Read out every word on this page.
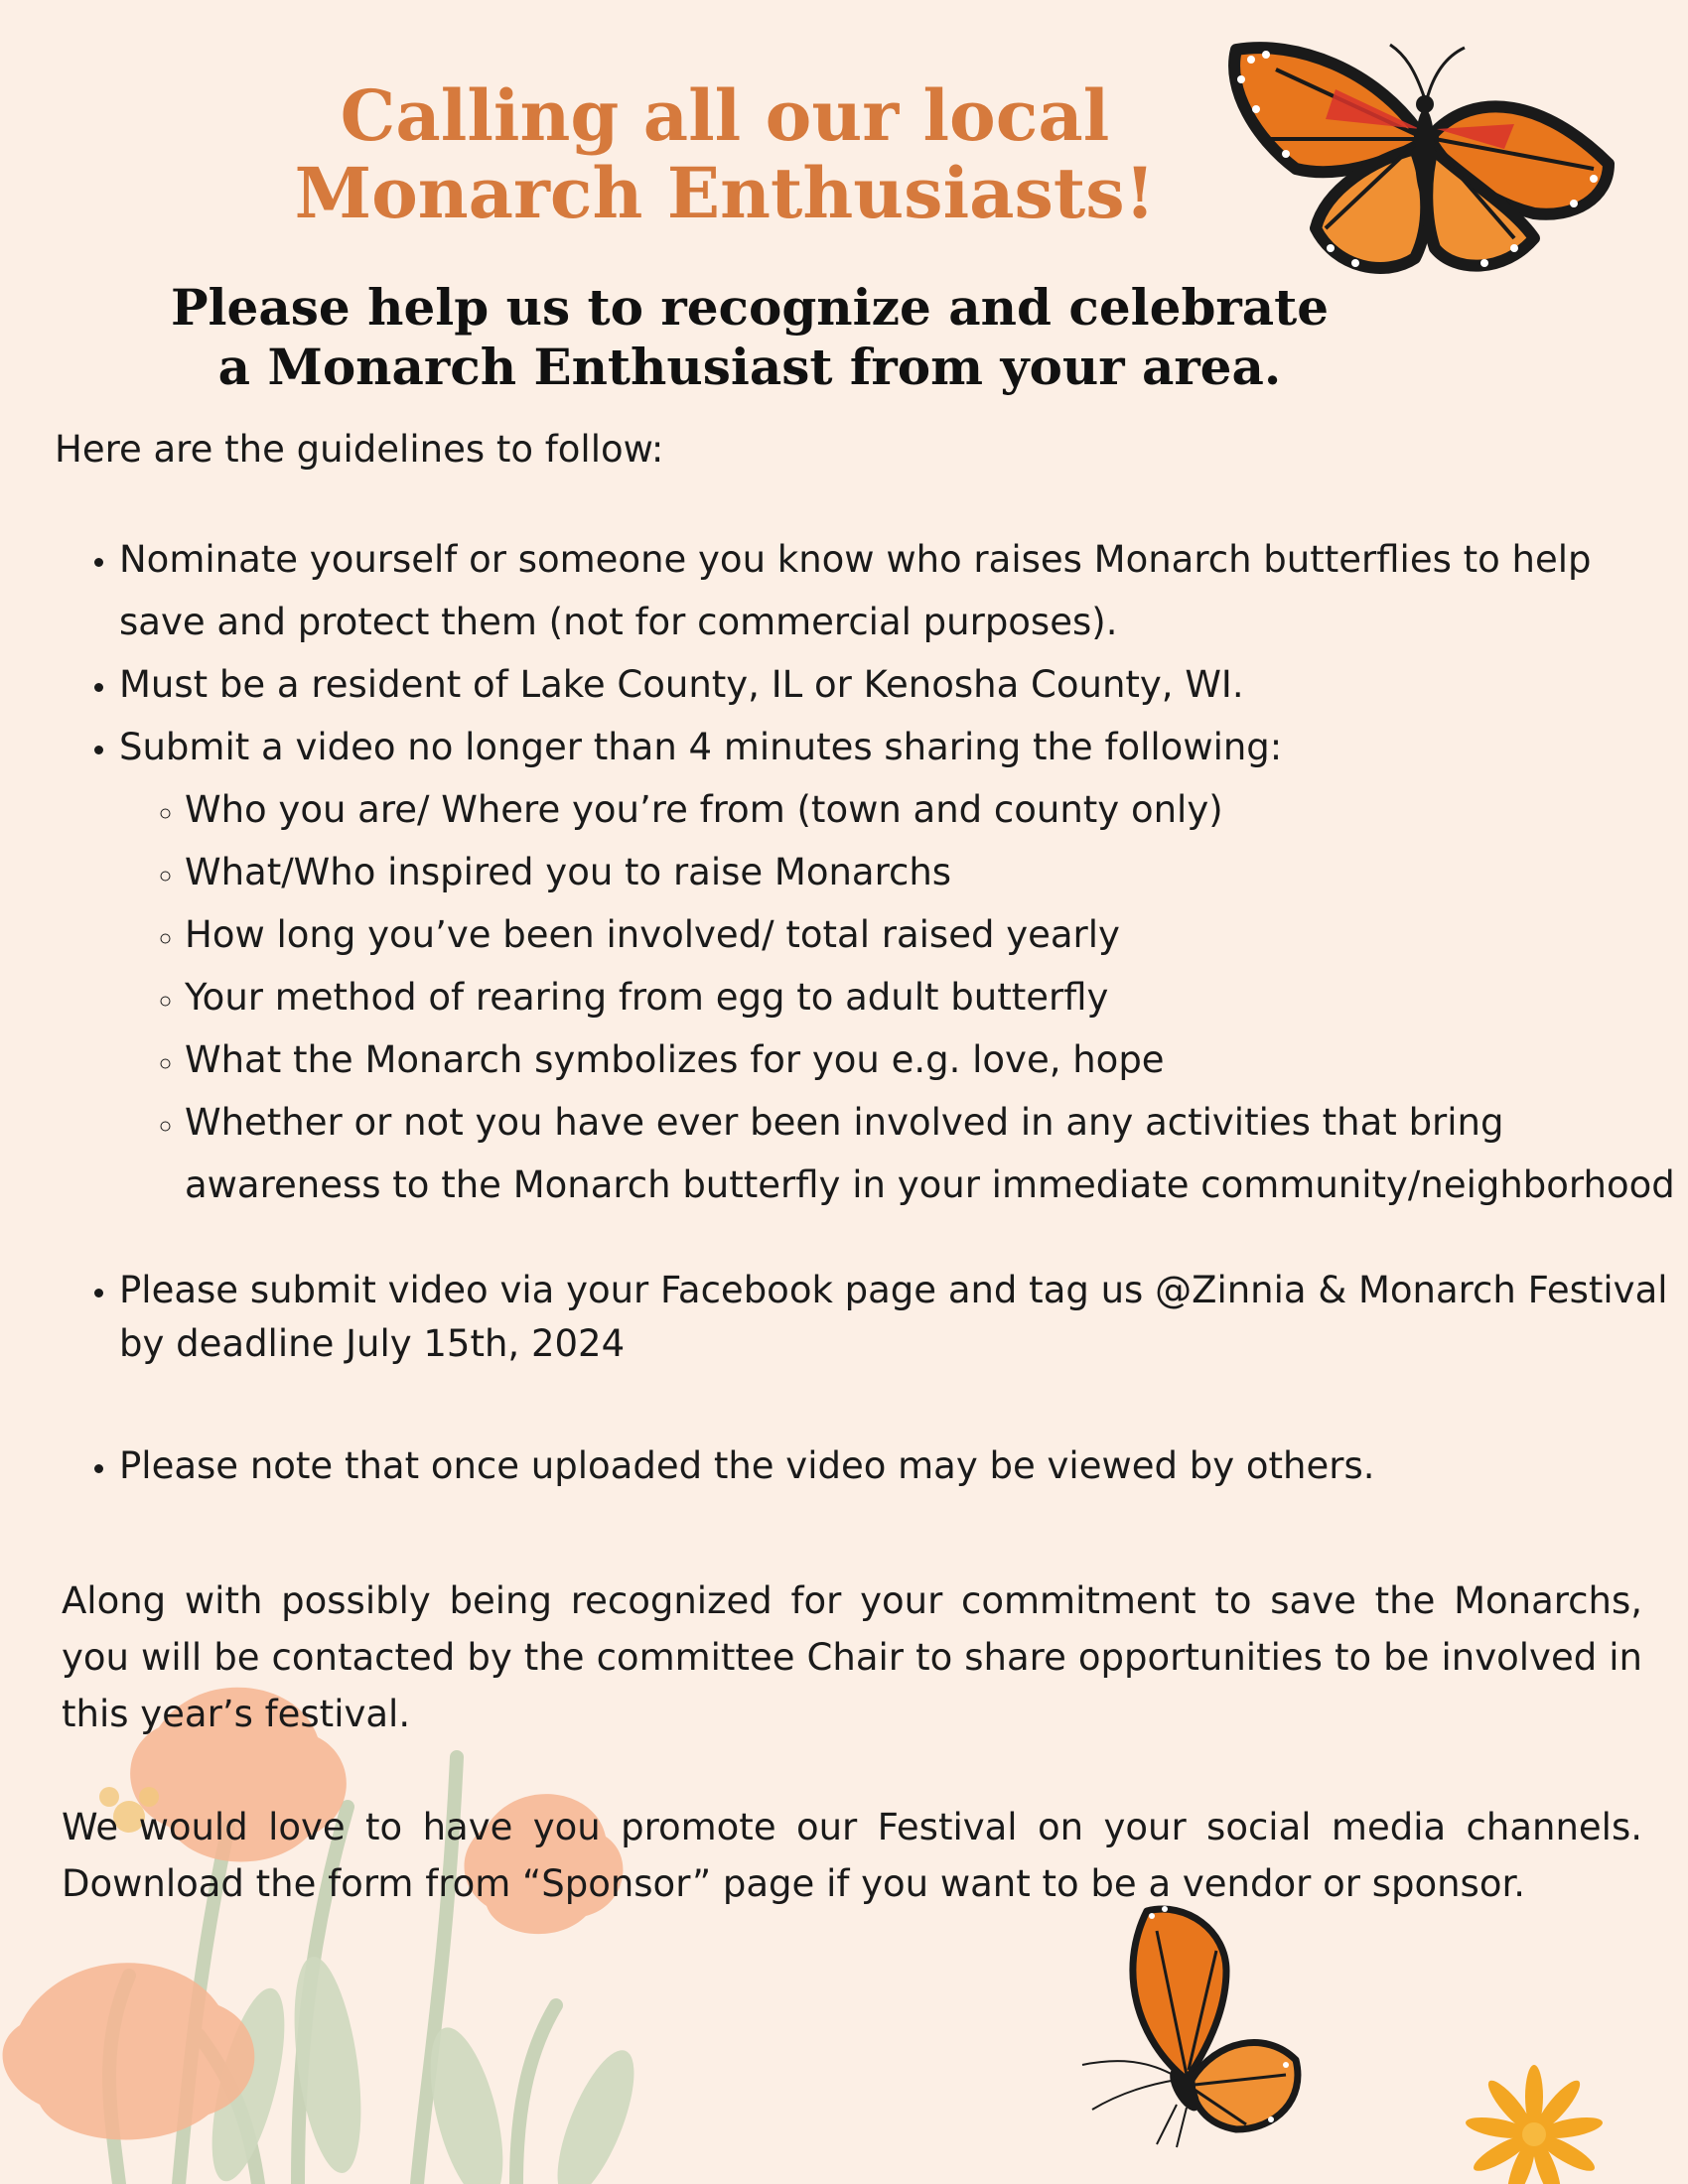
Calling all our local Monarch Enthusiasts!
Please help us to recognize and celebrate a Monarch Enthusiast from your area.

Here are the guidelines to follow:

• Nominate yourself or someone you know who raises Monarch butterflies to help save and protect them (not for commercial purposes).
• Must be a resident of Lake County, IL or Kenosha County, WI.
• Submit a video no longer than 4 minutes sharing the following:
◦ Who you are/ Where you’re from (town and county only)
◦ What/Who inspired you to raise Monarchs
◦ How long you’ve been involved/ total raised yearly
◦ Your method of rearing from egg to adult butterfly
◦ What the Monarch symbolizes for you e.g. love, hope
◦ Whether or not you have ever been involved in any activities that bring awareness to the Monarch butterfly in your immediate community/neighborhood
• Please submit video via your Facebook page and tag us @Zinnia & Monarch Festival by deadline July 15th, 2024
• Please note that once uploaded the video may be viewed by others.

Along with possibly being recognized for your commitment to save the Monarchs, you will be contacted by the committee Chair to share opportunities to be involved in this year’s festival.

We would love to have you promote our Festival on your social media channels. Download the form from “Sponsor” page if you want to be a vendor or sponsor.
